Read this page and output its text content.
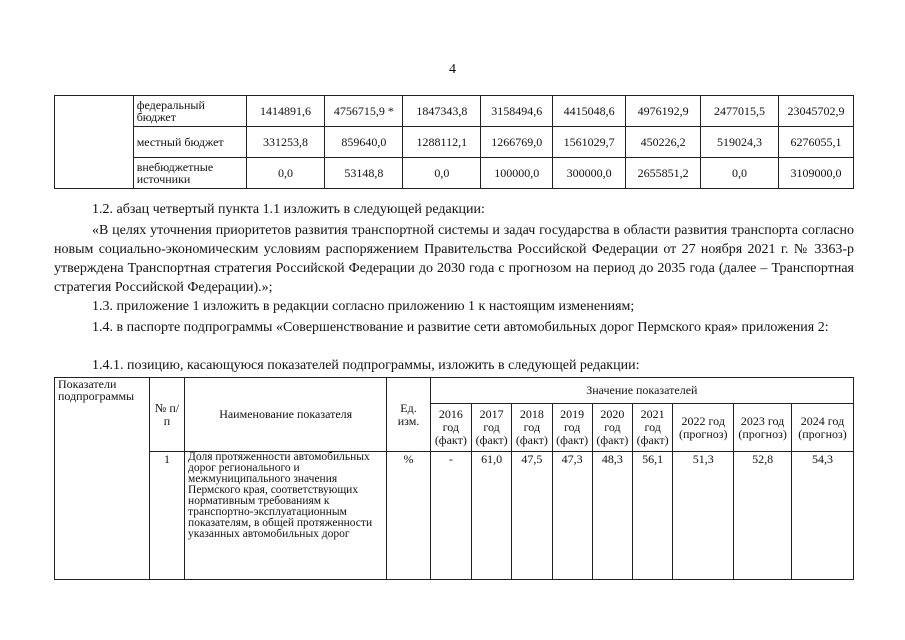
4
	федеральный бюджет	1414891,6	4756715,9 *	1847343,8	3158494,6	4415048,6	4976192,9	2477015,5	23045702,9
	местный бюджет	331253,8	859640,0	1288112,1	1266769,0	1561029,7	450226,2	519024,3	6276055,1
	внебюджетные источники	0,0	53148,8	0,0	100000,0	300000,0	2655851,2	0,0	3109000,0
1.2. абзац четвертый пункта 1.1 изложить в следующей редакции:
«В целях уточнения приоритетов развития транспортной системы и задач государства в области развития транспорта согласно новым социально-экономическим условиям распоряжением Правительства Российской Федерации от 27 ноября 2021 г. № 3363-р утверждена Транспортная стратегия Российской Федерации до 2030 года с прогнозом на период до 2035 года (далее – Транспортная стратегия Российской Федерации).»;
1.3. приложение 1 изложить в редакции согласно приложению 1 к настоящим изменениям;
1.4. в паспорте подпрограммы «Совершенствование и развитие сети автомобильных дорог Пермского края» приложения 2:
1.4.1. позицию, касающуюся показателей подпрограммы, изложить в следующей редакции:
Показатели подпрограммы	№ п/п	Наименование показателя	Ед. изм.	Значение показателей								
				2016 год (факт)	2017 год (факт)	2018 год (факт)	2019 год (факт)	2020 год (факт)	2021 год (факт)	2022 год (прогноз)	2023 год (прогноз)	2024 год (прогноз)
	1	Доля протяженности автомобильных дорог регионального и межмуниципального значения Пермского края, соответствующих нормативным требованиям к транспортно-эксплуатационным показателям, в общей протяженности указанных автомобильных дорог	%	-	61,0	47,5	47,3	48,3	56,1	51,3	52,8	54,3
